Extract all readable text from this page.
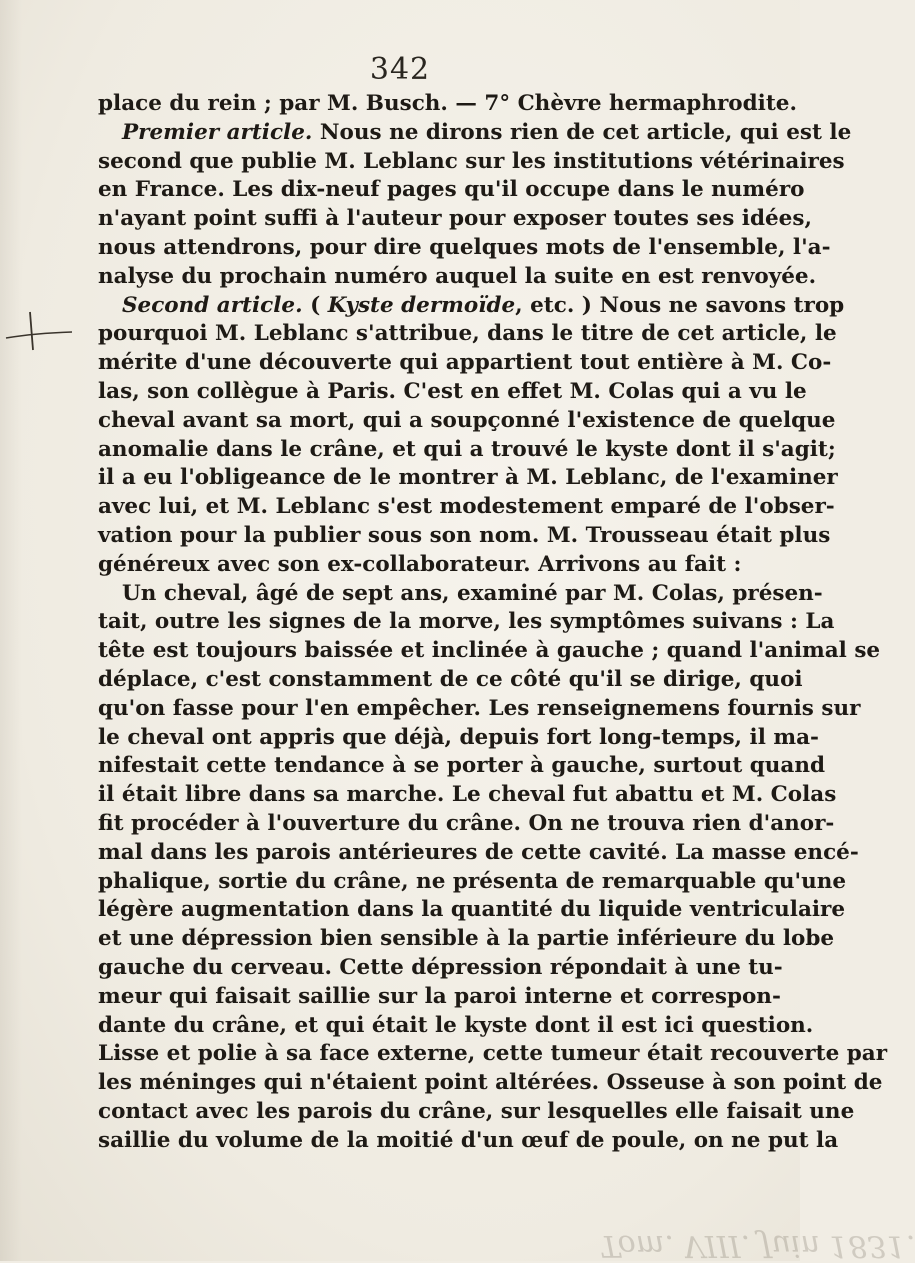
342
place du rein ; par M. Busch. — 7° Chèvre hermaphrodite.
Premier article. Nous ne dirons rien de cet article, qui est le
second que publie M. Leblanc sur les institutions vétérinaires
en France. Les dix-neuf pages qu'il occupe dans le numéro
n'ayant point suffi à l'auteur pour exposer toutes ses idées,
nous attendrons, pour dire quelques mots de l'ensemble, l'a-
nalyse du prochain numéro auquel la suite en est renvoyée.
Second article. ( Kyste dermoïde, etc. ) Nous ne savons trop
pourquoi M. Leblanc s'attribue, dans le titre de cet article, le
mérite d'une découverte qui appartient tout entière à M. Co-
las, son collègue à Paris. C'est en effet M. Colas qui a vu le
cheval avant sa mort, qui a soupçonné l'existence de quelque
anomalie dans le crâne, et qui a trouvé le kyste dont il s'agit;
il a eu l'obligeance de le montrer à M. Leblanc, de l'examiner
avec lui, et M. Leblanc s'est modestement emparé de l'obser-
vation pour la publier sous son nom. M. Trousseau était plus
généreux avec son ex-collaborateur. Arrivons au fait :
Un cheval, âgé de sept ans, examiné par M. Colas, présen-
tait, outre les signes de la morve, les symptômes suivans : La
tête est toujours baissée et inclinée à gauche ; quand l'animal se
déplace, c'est constamment de ce côté qu'il se dirige, quoi
qu'on fasse pour l'en empêcher. Les renseignemens fournis sur
le cheval ont appris que déjà, depuis fort long-temps, il ma-
nifestait cette tendance à se porter à gauche, surtout quand
il était libre dans sa marche. Le cheval fut abattu et M. Colas
fit procéder à l'ouverture du crâne. On ne trouva rien d'anor-
mal dans les parois antérieures de cette cavité. La masse encé-
phalique, sortie du crâne, ne présenta de remarquable qu'une
légère augmentation dans la quantité du liquide ventriculaire
et une dépression bien sensible à la partie inférieure du lobe
gauche du cerveau. Cette dépression répondait à une tu-
meur qui faisait saillie sur la paroi interne et correspon-
dante du crâne, et qui était le kyste dont il est ici question.
Lisse et polie à sa face externe, cette tumeur était recouverte par
les méninges qui n'étaient point altérées. Osseuse à son point de
contact avec les parois du crâne, sur lesquelles elle faisait une
saillie du volume de la moitié d'un œuf de poule, on ne put la
Tom. VIII. Juin 1831.
